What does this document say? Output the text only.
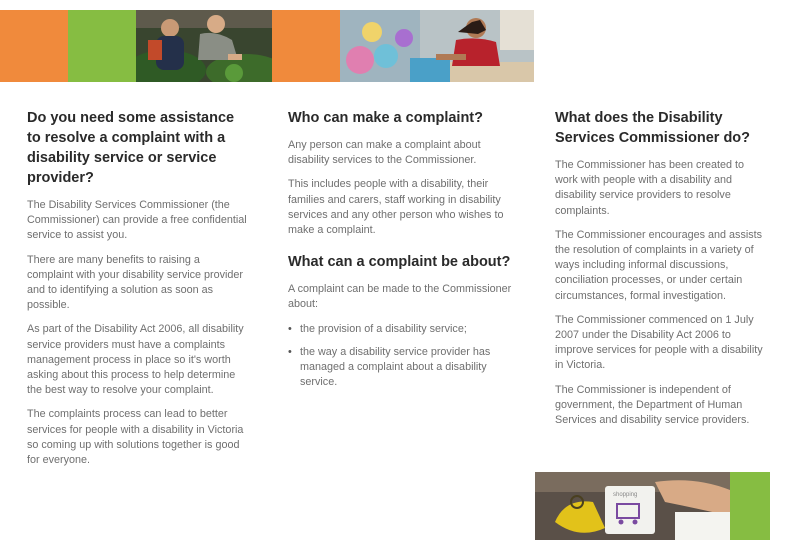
Do you need some assistance to resolve a complaint with a disability service or service provider?

The Disability Services Commissioner (the Commissioner) can provide a free confidential service to assist you.

There are many benefits to raising a complaint with your disability service provider and to identifying a solution as soon as possible.

As part of the Disability Act 2006, all disability service providers must have a complaints management process in place so it's worth asking about this process to help determine the best way to resolve your complaint.

The complaints process can lead to better services for people with a disability in Victoria so coming up with solutions together is good for everyone.

Who can make a complaint?

Any person can make a complaint about disability services to the Commissioner.

This includes people with a disability, their families and carers, staff working in disability services and any other person who wishes to make a complaint.

What can a complaint be about?

A complaint can be made to the Commissioner about:

• the provision of a disability service;
• the way a disability service provider has managed a complaint about a disability service.
What does the Disability Services Commissioner do?

The Commissioner has been created to work with people with a disability and disability service providers to resolve complaints.

The Commissioner encourages and assists the resolution of complaints in a variety of ways including informal discussions, conciliation processes, or under certain circumstances, formal investigation.

The Commissioner commenced on 1 July 2007 under the Disability Act 2006 to improve services for people with a disability in Victoria.

The Commissioner is independent of government, the Department of Human Services and disability service providers.

shopping
